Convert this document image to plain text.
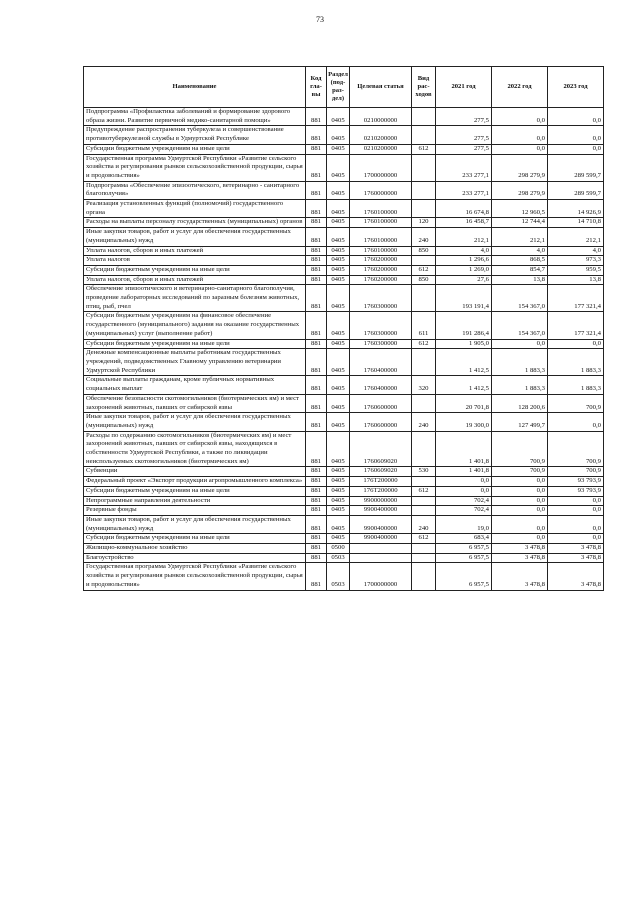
73
Наименование	Код гла- вы	Раздел (под- раз- дел)	Целевая статья	Вид рас- ходов	2021 год	2022 год	2023 год
Подпрограмма «Профилактика заболеваний и формирование здорового образа жизни. Развитие первичной медико-санитарной помощи»	881	0405	0210000000		277,5	0,0	0,0
Предупреждение распространения туберкулеза и совершенствование противотуберкулезной службы в Удмуртской Республике	881	0405	0210200000		277,5	0,0	0,0
Субсидии бюджетным учреждениям на иные цели	881	0405	0210200000	612	277,5	0,0	0,0
Государственная программа Удмуртской Республики «Развитие сельского хозяйства и регулирования рынков сельскохозяйственной продукции, сырья и продовольствия»	881	0405	1700000000		233 277,1	298 279,9	289 599,7
Подпрограмма «Обеспечение эпизоотического, ветеринарно - санитарного благополучия»	881	0405	1760000000		233 277,1	298 279,9	289 599,7
Реализация установленных функций (полномочий) государственного органа	881	0405	1760100000		16 674,8	12 960,5	14 926,9
Расходы на выплаты персоналу государственных (муниципальных) органов	881	0405	1760100000	120	16 458,7	12 744,4	14 710,8
Иные закупки товаров, работ и услуг для обеспечения государственных (муниципальных) нужд	881	0405	1760100000	240	212,1	212,1	212,1
Уплата налогов, сборов и иных платежей	881	0405	1760100000	850	4,0	4,0	4,0
Уплата налогов	881	0405	1760200000		1 296,6	868,5	973,3
Субсидии бюджетным учреждениям на иные цели	881	0405	1760200000	612	1 269,0	854,7	959,5
Уплата налогов, сборов и иных платежей	881	0405	1760200000	850	27,6	13,8	13,8
Обеспечение эпизоотического и ветеринарно-санитарного благополучия, проведение лабораторных исследований по заразным болезням животных, птиц, рыб, пчел	881	0405	1760300000		193 191,4	154 367,0	177 321,4
Субсидии бюджетным учреждениям на финансовое обеспечение государственного (муниципального) задания на оказание государственных (муниципальных) услуг (выполнение работ)	881	0405	1760300000	611	191 286,4	154 367,0	177 321,4
Субсидии бюджетным учреждениям на иные цели	881	0405	1760300000	612	1 905,0	0,0	0,0
Денежные компенсационные выплаты работникам государственных учреждений, подведомственных Главному управлению ветеринарии Удмуртской Республики	881	0405	1760400000		1 412,5	1 883,3	1 883,3
Социальные выплаты гражданам, кроме публичных нормативных социальных выплат	881	0405	1760400000	320	1 412,5	1 883,3	1 883,3
Обеспечение безопасности скотомогильников (биотермических ям) и мест захоронений животных, павших от сибирской язвы	881	0405	1760600000		20 701,8	128 200,6	700,9
Иные закупки товаров, работ и услуг для обеспечения государственных (муниципальных) нужд	881	0405	1760600000	240	19 300,0	127 499,7	0,0
Расходы по содержанию скотомогильников (биотермических ям) и мест захоронений животных, павших от сибирской язвы, находящихся в собственности Удмуртской Республики, а также по ликвидации неиспользуемых скотомогильников (биотермических ям)	881	0405	1760609020		1 401,8	700,9	700,9
Субвенции	881	0405	1760609020	530	1 401,8	700,9	700,9
Федеральный проект «Экспорт продукции агропромышленного комплекса»	881	0405	176Т200000		0,0	0,0	93 793,9
Субсидии бюджетным учреждениям на иные цели	881	0405	176Т200000	612	0,0	0,0	93 793,9
Непрограммные направления деятельности	881	0405	9900000000		702,4	0,0	0,0
Резервные фонды	881	0405	9900400000		702,4	0,0	0,0
Иные закупки товаров, работ и услуг для обеспечения государственных (муниципальных) нужд	881	0405	9900400000	240	19,0	0,0	0,0
Субсидии бюджетным учреждениям на иные цели	881	0405	9900400000	612	683,4	0,0	0,0
Жилищно-коммунальное хозяйство	881	0500			6 957,5	3 478,8	3 478,8
Благоустройство	881	0503			6 957,5	3 478,8	3 478,8
Государственная программа Удмуртской Республики «Развитие сельского хозяйства и регулирования рынков сельскохозяйственной продукции, сырья и продовольствия»	881	0503	1700000000		6 957,5	3 478,8	3 478,8
